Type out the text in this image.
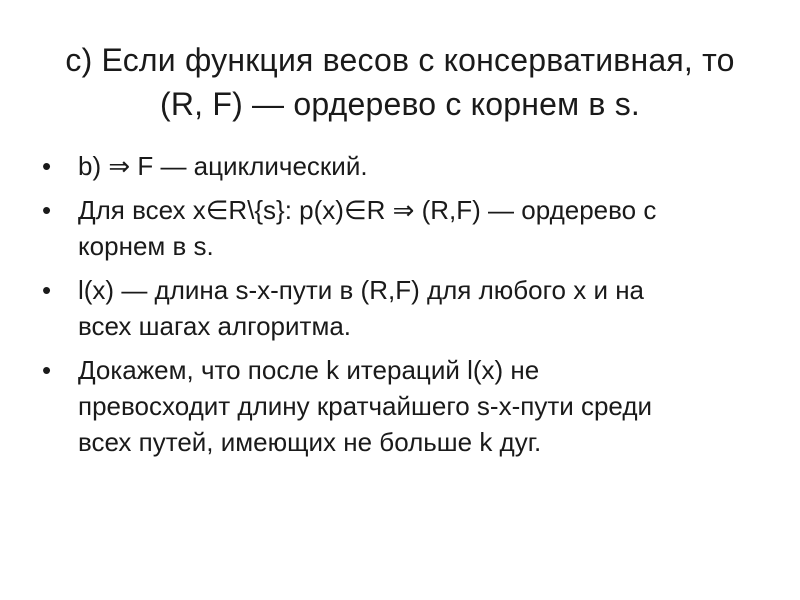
c) Если функция весов c консервативная, то
(R, F) — ордерево с корнем в s.
• b) ⇒ F — ациклический.
• Для всех x∈R\{s}: p(x)∈R ⇒ (R,F) — ордерево с
корнем в s.
• l(x) — длина s-x-пути в (R,F) для любого x и на
всех шагах алгоритма.
• Докажем, что после k итераций l(x) не
превосходит длину кратчайшего s-x-пути среди
всех путей, имеющих не больше k дуг.
